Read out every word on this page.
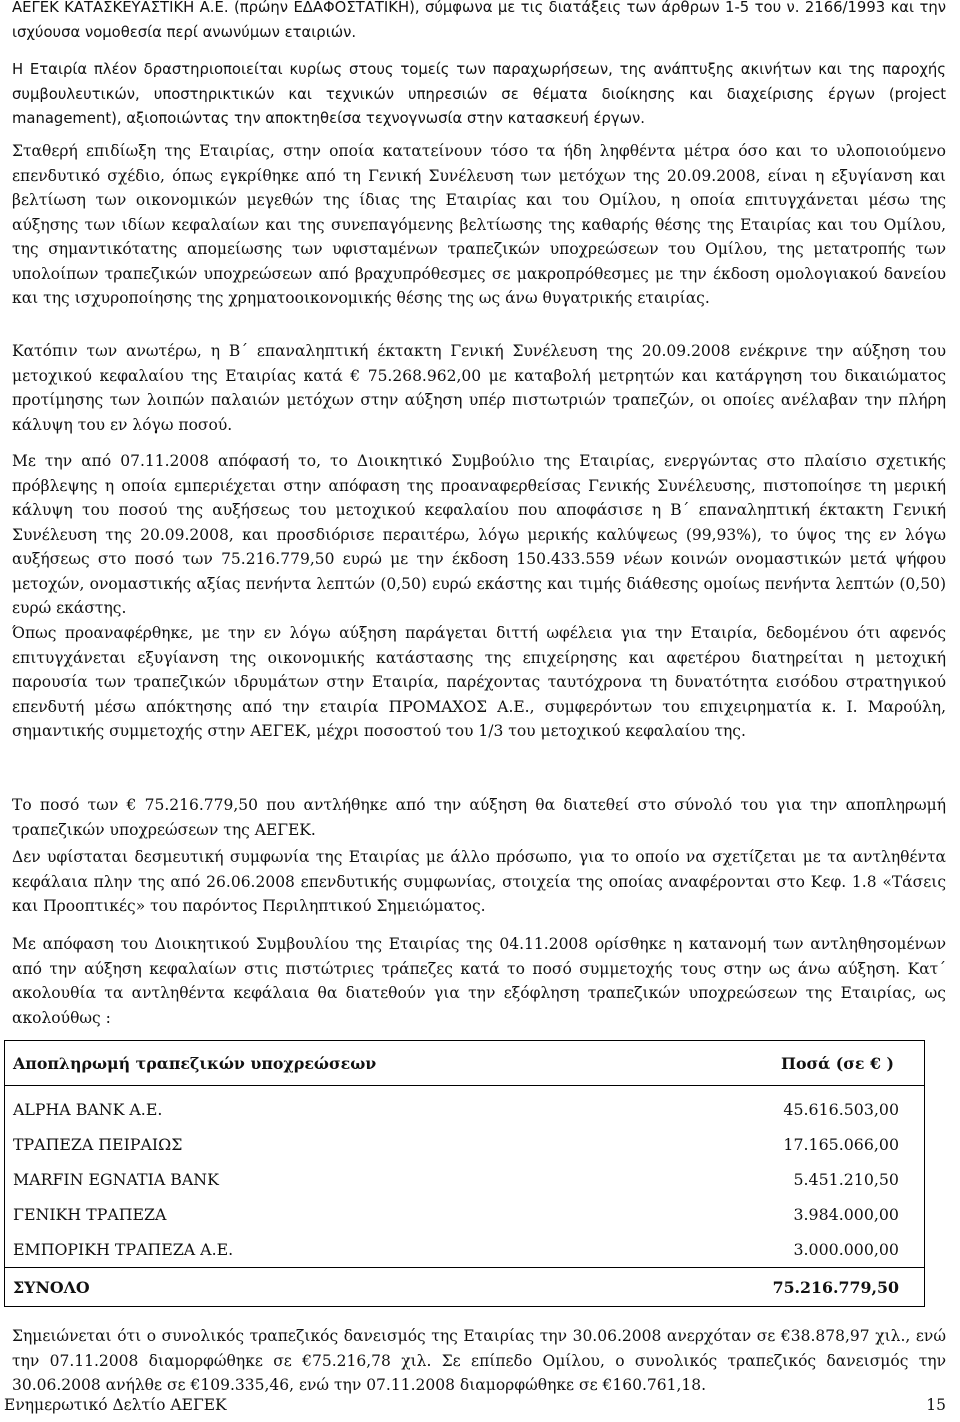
ΑΕΓΕΚ ΚΑΤΑΣΚΕΥΑΣΤΙΚΗ Α.Ε. (πρώην ΕΔΑΦΟΣΤΑΤΙΚΗ), σύμφωνα με τις διατάξεις των άρθρων 1-5 του ν. 2166/1993 και την ισχύουσα νομοθεσία περί ανωνύμων εταιριών.

Η Εταιρία πλέον δραστηριοποιείται κυρίως στους τομείς των παραχωρήσεων, της ανάπτυξης ακινήτων και της παροχής συμβουλευτικών, υποστηρικτικών και τεχνικών υπηρεσιών σε θέματα διοίκησης και διαχείρισης έργων (project management), αξιοποιώντας την αποκτηθείσα τεχνογνωσία στην κατασκευή έργων.

Σταθερή επιδίωξη της Εταιρίας, στην οποία κατατείνουν τόσο τα ήδη ληφθέντα μέτρα όσο και το υλοποιούμενο επενδυτικό σχέδιο, όπως εγκρίθηκε από τη Γενική Συνέλευση των μετόχων της 20.09.2008, είναι η εξυγίανση και βελτίωση των οικονομικών μεγεθών της ίδιας της Εταιρίας και του Ομίλου, η οποία επιτυγχάνεται μέσω της αύξησης των ιδίων κεφαλαίων και της συνεπαγόμενης βελτίωσης της καθαρής θέσης της Εταιρίας και του Ομίλου, της σημαντικότατης απομείωσης των υφισταμένων τραπεζικών υποχρεώσεων του Ομίλου, της μετατροπής των υπολοίπων τραπεζικών υποχρεώσεων από βραχυπρόθεσμες σε μακροπρόθεσμες με την έκδοση ομολογιακού δανείου και της ισχυροποίησης της χρηματοοικονομικής θέσης της ως άνω θυγατρικής εταιρίας.

Κατόπιν των ανωτέρω, η Β΄ επαναληπτική έκτακτη Γενική Συνέλευση της 20.09.2008 ενέκρινε την αύξηση του μετοχικού κεφαλαίου της Εταιρίας κατά € 75.268.962,00 με καταβολή μετρητών και κατάργηση του δικαιώματος προτίμησης των λοιπών παλαιών μετόχων στην αύξηση υπέρ πιστωτριών τραπεζών, οι οποίες ανέλαβαν την πλήρη κάλυψη του εν λόγω ποσού.

Με την από 07.11.2008 απόφασή το, το Διοικητικό Συμβούλιο της Εταιρίας, ενεργώντας στο πλαίσιο σχετικής πρόβλεψης η οποία εμπεριέχεται στην απόφαση της προαναφερθείσας Γενικής Συνέλευσης, πιστοποίησε τη μερική κάλυψη του ποσού της αυξήσεως του μετοχικού κεφαλαίου που αποφάσισε η Β΄ επαναληπτική έκτακτη Γενική Συνέλευση της 20.09.2008, και προσδιόρισε περαιτέρω, λόγω μερικής καλύψεως (99,93%), το ύψος της εν λόγω αυξήσεως στο ποσό των 75.216.779,50 ευρώ με την έκδοση 150.433.559 νέων κοινών ονομαστικών μετά ψήφου μετοχών, ονομαστικής αξίας πενήντα λεπτών (0,50) ευρώ εκάστης και τιμής διάθεσης ομοίως πενήντα λεπτών (0,50) ευρώ εκάστης.

Όπως προαναφέρθηκε, με την εν λόγω αύξηση παράγεται διττή ωφέλεια για την Εταιρία, δεδομένου ότι αφενός επιτυγχάνεται εξυγίανση της οικονομικής κατάστασης της επιχείρησης και αφετέρου διατηρείται η μετοχική παρουσία των τραπεζικών ιδρυμάτων στην Εταιρία, παρέχοντας ταυτόχρονα τη δυνατότητα εισόδου στρατηγικού επενδυτή μέσω απόκτησης από την εταιρία ΠΡΟΜΑΧΟΣ Α.Ε., συμφερόντων του επιχειρηματία κ. Ι. Μαρούλη, σημαντικής συμμετοχής στην ΑΕΓΕΚ, μέχρι ποσοστού του 1/3 του μετοχικού κεφαλαίου της.

Το ποσό των € 75.216.779,50 που αντλήθηκε από την αύξηση θα διατεθεί στο σύνολό του για την αποπληρωμή τραπεζικών υποχρεώσεων της ΑΕΓΕΚ.

Δεν υφίσταται δεσμευτική συμφωνία της Εταιρίας με άλλο πρόσωπο, για το οποίο να σχετίζεται με τα αντληθέντα κεφάλαια πλην της από 26.06.2008 επενδυτικής συμφωνίας, στοιχεία της οποίας αναφέρονται στο Κεφ. 1.8 «Τάσεις και Προοπτικές» του παρόντος Περιληπτικού Σημειώματος.

Με απόφαση του Διοικητικού Συμβουλίου της Εταιρίας της 04.11.2008 ορίσθηκε η κατανομή των αντληθησομένων από την αύξηση κεφαλαίων στις πιστώτριες τράπεζες κατά το ποσό συμμετοχής τους στην ως άνω αύξηση. Κατ΄ ακολουθία τα αντληθέντα κεφάλαια θα διατεθούν για την εξόφληση τραπεζικών υποχρεώσεων της Εταιρίας, ως ακολούθως :

Αποπληρωμή τραπεζικών υποχρεώσεων	Ποσά (σε € )
ALPHA BANK A.E.	45.616.503,00
ΤΡΑΠΕΖΑ ΠΕΙΡΑΙΩΣ	17.165.066,00
MARFIN EGNATIA BANK	5.451.210,50
ΓΕΝΙΚΗ ΤΡΑΠΕΖΑ	3.984.000,00
ΕΜΠΟΡΙΚΗ ΤΡΑΠΕΖΑ Α.Ε.	3.000.000,00
ΣΥΝΟΛΟ	75.216.779,50

Σημειώνεται ότι ο συνολικός τραπεζικός δανεισμός της Εταιρίας την 30.06.2008 ανερχόταν σε €38.878,97 χιλ., ενώ την 07.11.2008 διαμορφώθηκε σε €75.216,78 χιλ. Σε επίπεδο Ομίλου, ο συνολικός τραπεζικός δανεισμός την 30.06.2008 ανήλθε σε €109.335,46, ενώ την 07.11.2008 διαμορφώθηκε σε €160.761,18.

Ενημερωτικό Δελτίο ΑΕΓΕΚ	15
